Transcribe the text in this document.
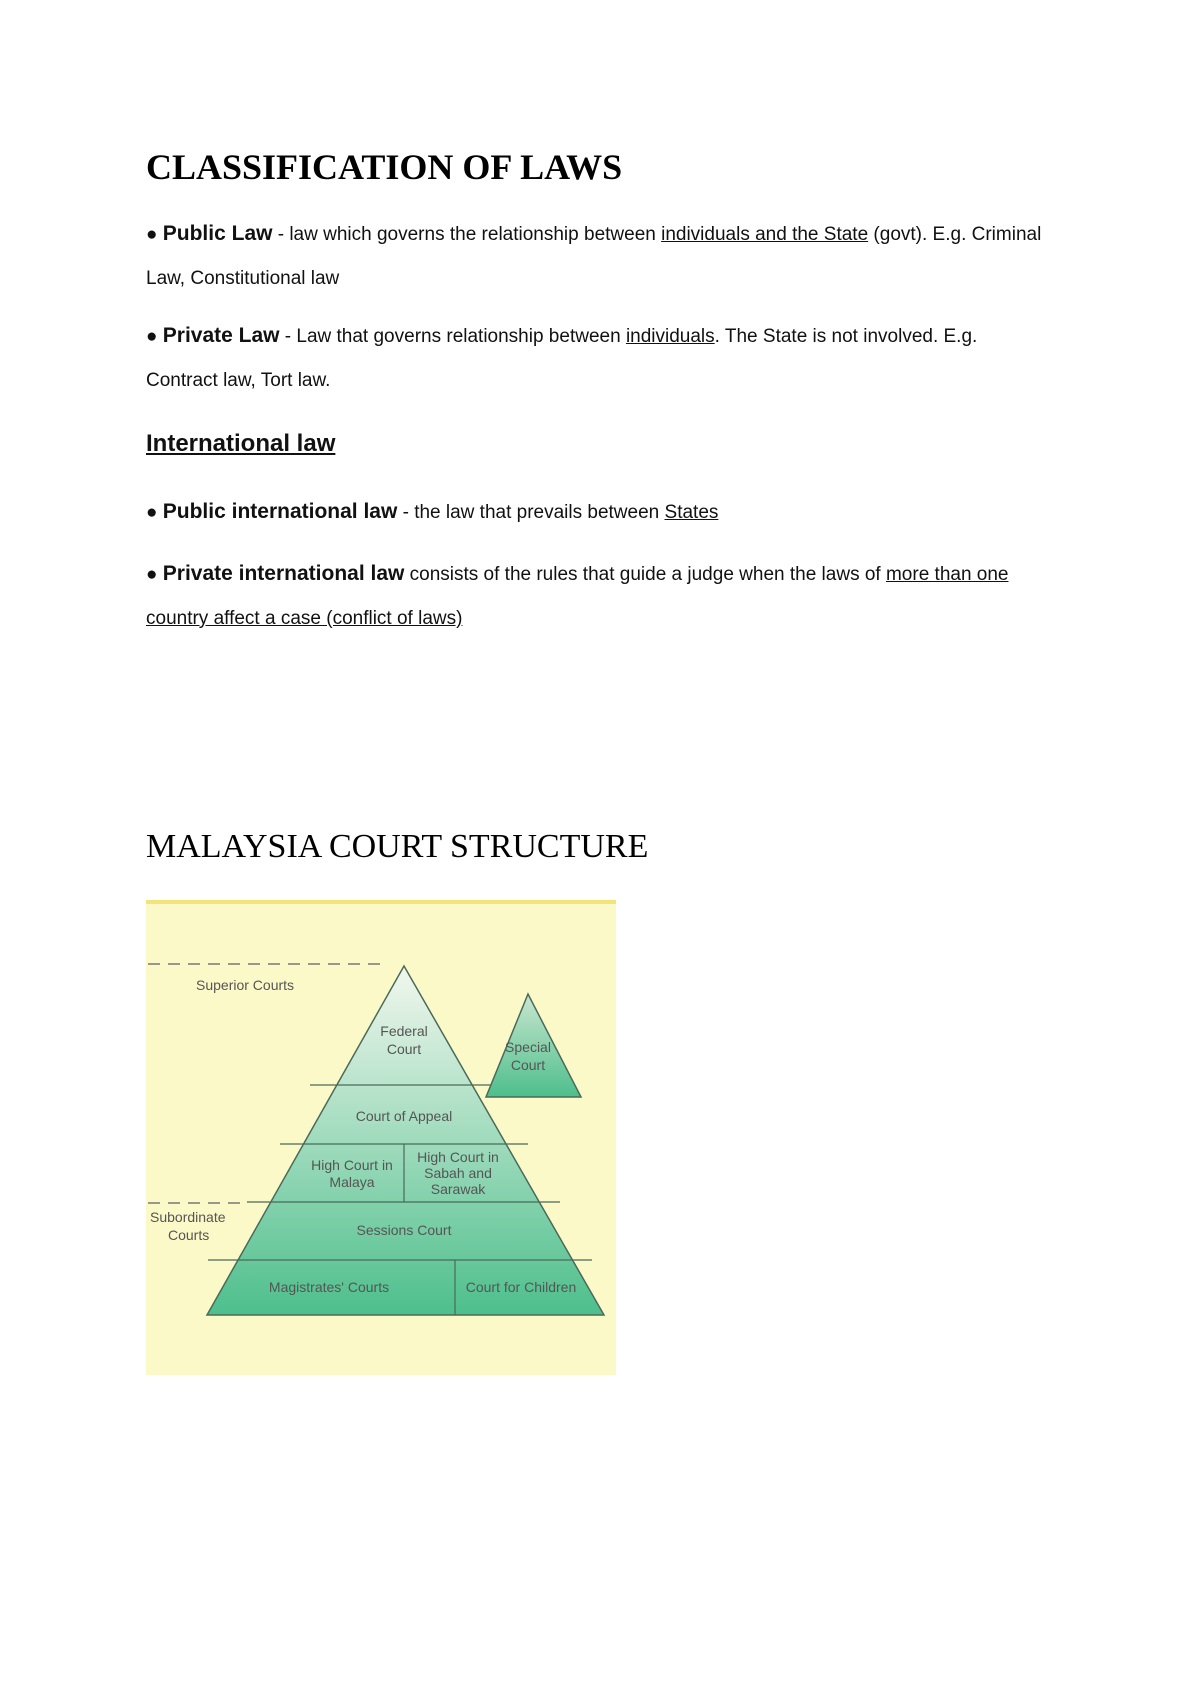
CLASSIFICATION OF LAWS

● Public Law - law which governs the relationship between individuals and the State (govt). E.g. Criminal Law, Constitutional law

● Private Law - Law that governs relationship between individuals. The State is not involved. E.g. Contract law, Tort law.

International law

● Public international law - the law that prevails between States

● Private international law consists of the rules that guide a judge when the laws of more than one country affect a case (conflict of laws)

MALAYSIA COURT STRUCTURE
Superior Courts
Subordinate
Courts
Federal
Court	Special
Court
Court of Appeal
High Court in
Malaya
High Court in
Sabah and
Sarawak
Sessions Court
Magistrates' Courts	Court for Children
